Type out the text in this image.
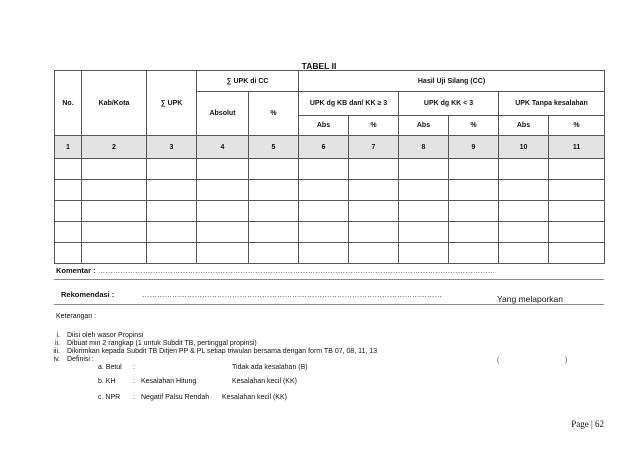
TABEL II
No.	Kab/Kota	∑ UPK	∑ UPK di CC		Hasil Uji Silang (CC)					
			Absolut	%	UPK dg KB dan/ KK ≥ 3		UPK dg KK < 3		UPK Tanpa kesalahan	
					Abs	%	Abs	%	Abs	%
1	2	3	4	5	6	7	8	9	10	11

Komentar : ……………………………………………………………………………………………………………………………………………
Rekomendasi :	…………………………………………………………………………………………………………	Yang melaporkan
Keterangan :
i. Diisi oleh wasor Propinsi
ii. Dibuat min 2 rangkap (1 untuk Subdit TB, pertinggal propinsi)
iii. Dikirimkan kepada Subdit TB Ditjen PP & PL setiap triwulan bersama dengan form TB 07, 08, 11, 13
iv. Definisi :	(	)
a. Betul :	Tidak ada kesalahan (B)
b. KH : Kesalahan Hitung	Kesalahan kecil (KK)
c. NPR : Negatif Palsu Rendah Kesalahan kecil (KK)
Page | 62
